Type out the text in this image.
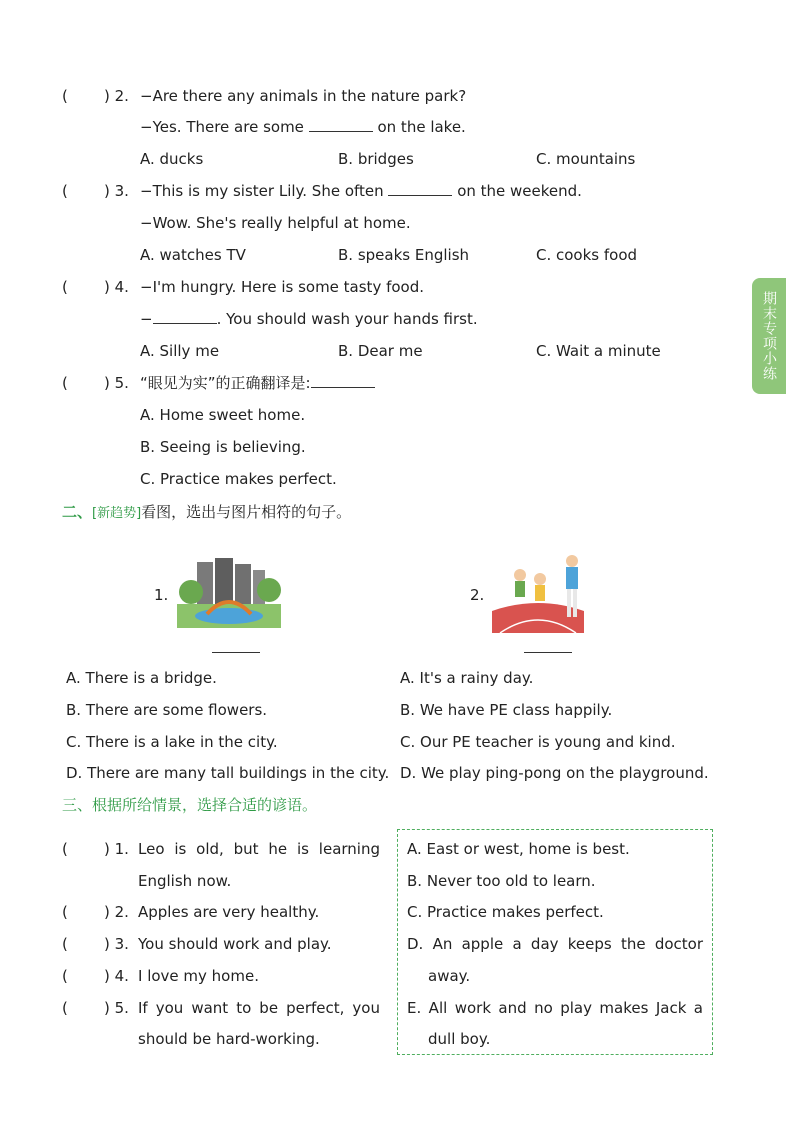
期末专项小练
( ) 2. −Are there any animals in the nature park?
−Yes. There are some	on the lake.
A. ducks	B. bridges	C. mountains
( ) 3. −This is my sister Lily. She often	on the weekend.
−Wow. She's really helpful at home.
A. watches TV	B. speaks English	C. cooks food
( ) 4. −I'm hungry. Here is some tasty food.
−	. You should wash your hands first.
A. Silly me	B. Dear me	C. Wait a minute
( ) 5. “眼见为实”的正确翻译是:
A. Home sweet home.
B. Seeing is believing.
C. Practice makes perfect.
二、[新趋势]看图，选出与图片相符的句子。
1.	2.
A. There is a bridge.
B. There are some flowers.
C. There is a lake in the city.
D. There are many tall buildings in the city.
A. It's a rainy day.
B. We have PE class happily.
C. Our PE teacher is young and kind.
D. We play ping-pong on the playground.
三、根据所给情景，选择合适的谚语。
( ) 1. Leo is old, but he is learning
English now.
( ) 2. Apples are very healthy.
( ) 3. You should work and play.
( ) 4. I love my home.
( ) 5. If you want to be perfect, you
should be hard-working.
A. East or west, home is best.
B. Never too old to learn.
C. Practice makes perfect.
D. An apple a day keeps the doctor
away.
E. All work and no play makes Jack a
dull boy.
